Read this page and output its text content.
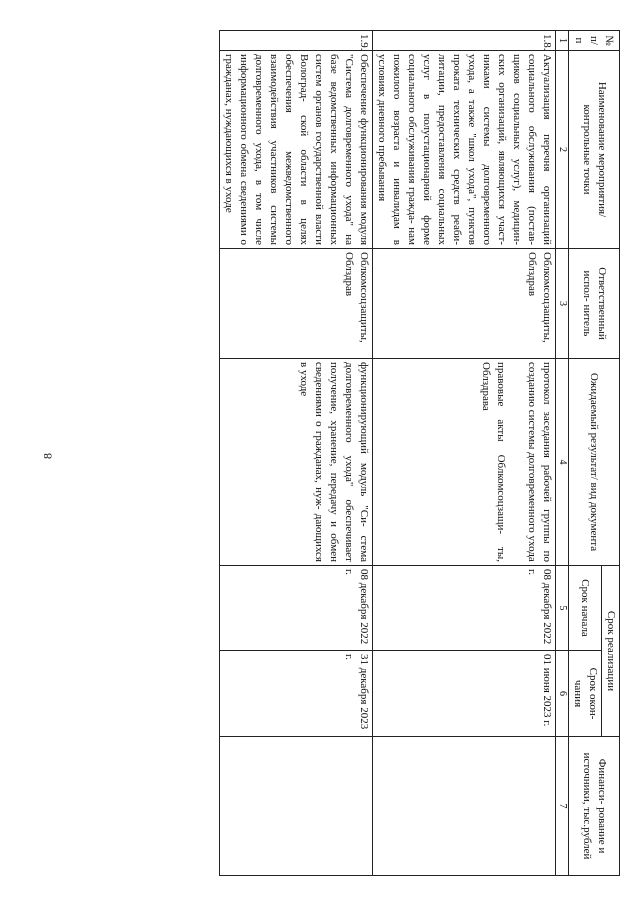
8
№ п/п	Наименование мероприятия/ контрольные точки	Ответственный испол- нитель	Ожидаемый результат/ вид документа	Срок реализации		Финанси- рование и источники, тыс.рублей
				Срок начала	Срок окон- чания	
1	2	3	4	5	6	7
1.8.	Актуализация перечня организаций социального обслуживания (постав- щиков социальных услуг), медицин- ских организаций, являющихся участ- никами системы долговременного ухода, а также "школ ухода", пунктов проката технических средств реаби- литации, предоставления социальных услуг в полустационарной форме социального обслуживания гражда- нам пожилого возраста и инвалидам в условиях дневного пребывания	Облкомсоцзащиты, Облздрав	протокол заседания рабочей группы по созданию системы долговременного ухода
правовые акты Облкомсоцзащи- ты, Облздрава	08 декабря 2022 г.	01 июня 2023 г.	
1.9.	Обеспечение функционирования модуля "Система долговременного ухода" на базе ведомственных информационных систем органов государственной власти Волоград- ской области в целях обеспечения межведомственного взаимодействия участников системы долговременного ухода, в том числе информационного обмена сведениями о гражданах, нуждающихся в уходе	Облкомсоцзащиты, Облздрав	функционирующий модуль "Си- стема долговременного ухода" обеспечивает получение, хранение, передачу и обмен сведениями о гражданах, нуж- дающихся в уходе	08 декабря 2022 г.	31 декабря 2023 г.	
